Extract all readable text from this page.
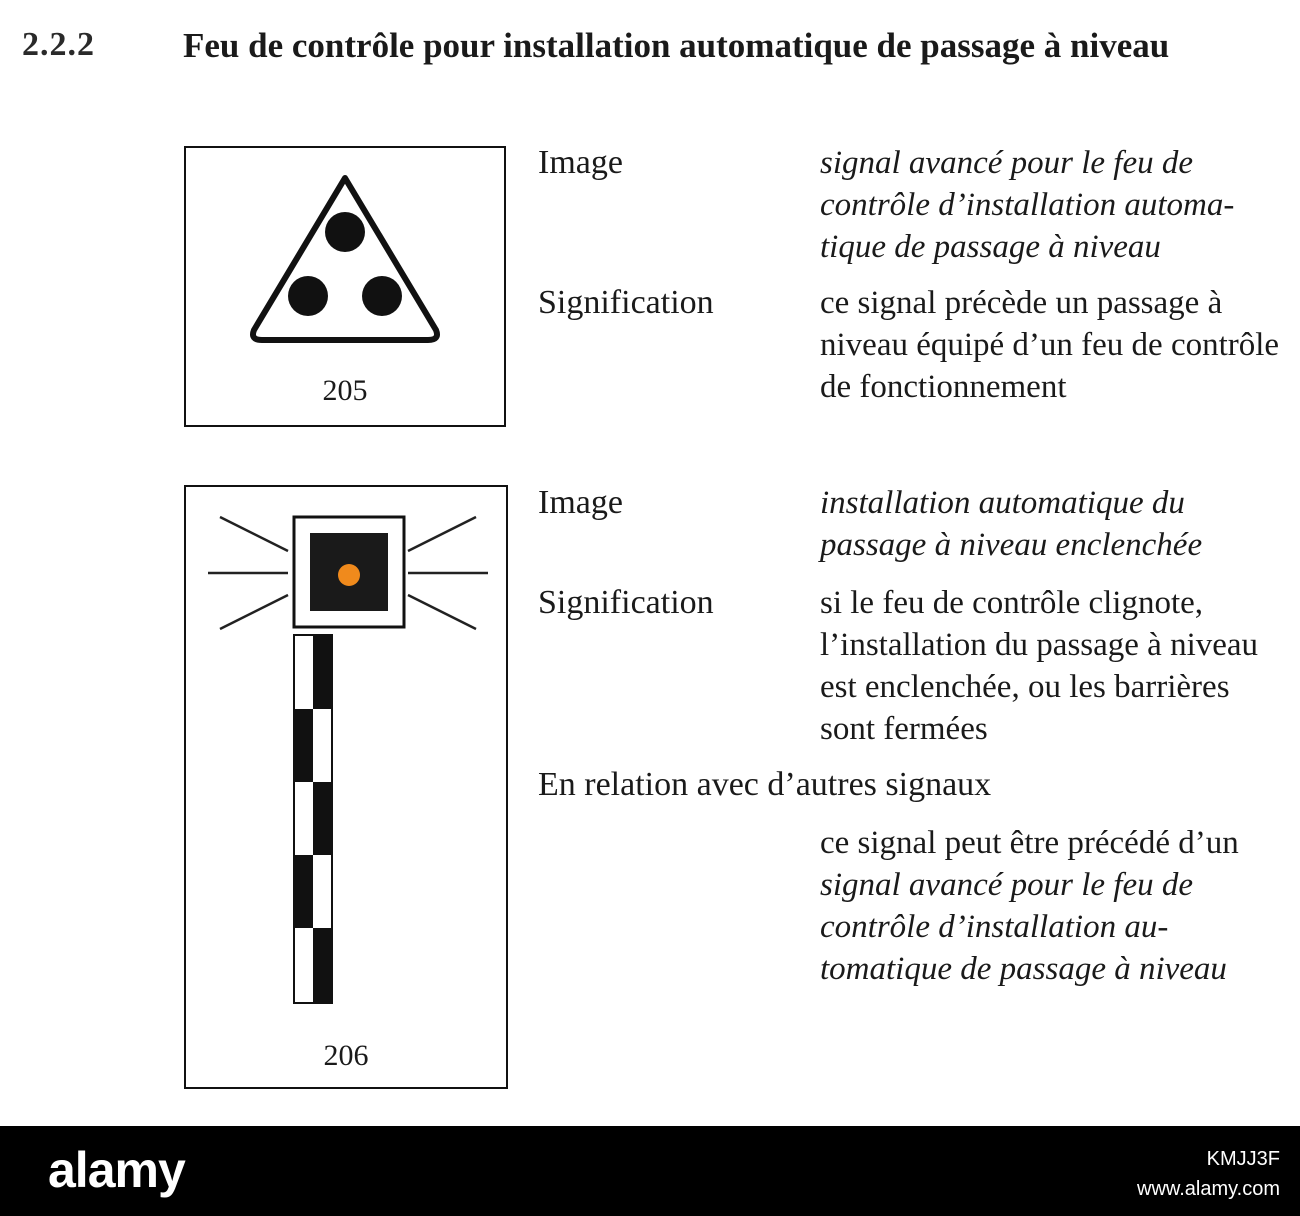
2.2.2	Feu de contrôle pour installation automatique de passage à niveau
205
Image	signal avancé pour le feu de contrôle d’installation automa-tique de passage à niveau
Signification	ce signal précède un passage à niveau équipé d’un feu de contrôle de fonctionnement
206
Image	installation automatique du passage à niveau enclenchée
Signification	si le feu de contrôle clignote, l’installation du passage à niveau est enclenchée, ou les barrières sont fermées
En relation avec d’autres signaux
ce signal peut être précédé d’un signal avancé pour le feu de contrôle d’installation au-tomatique de passage à niveau
alamy	KMJJ3F
www.alamy.com
